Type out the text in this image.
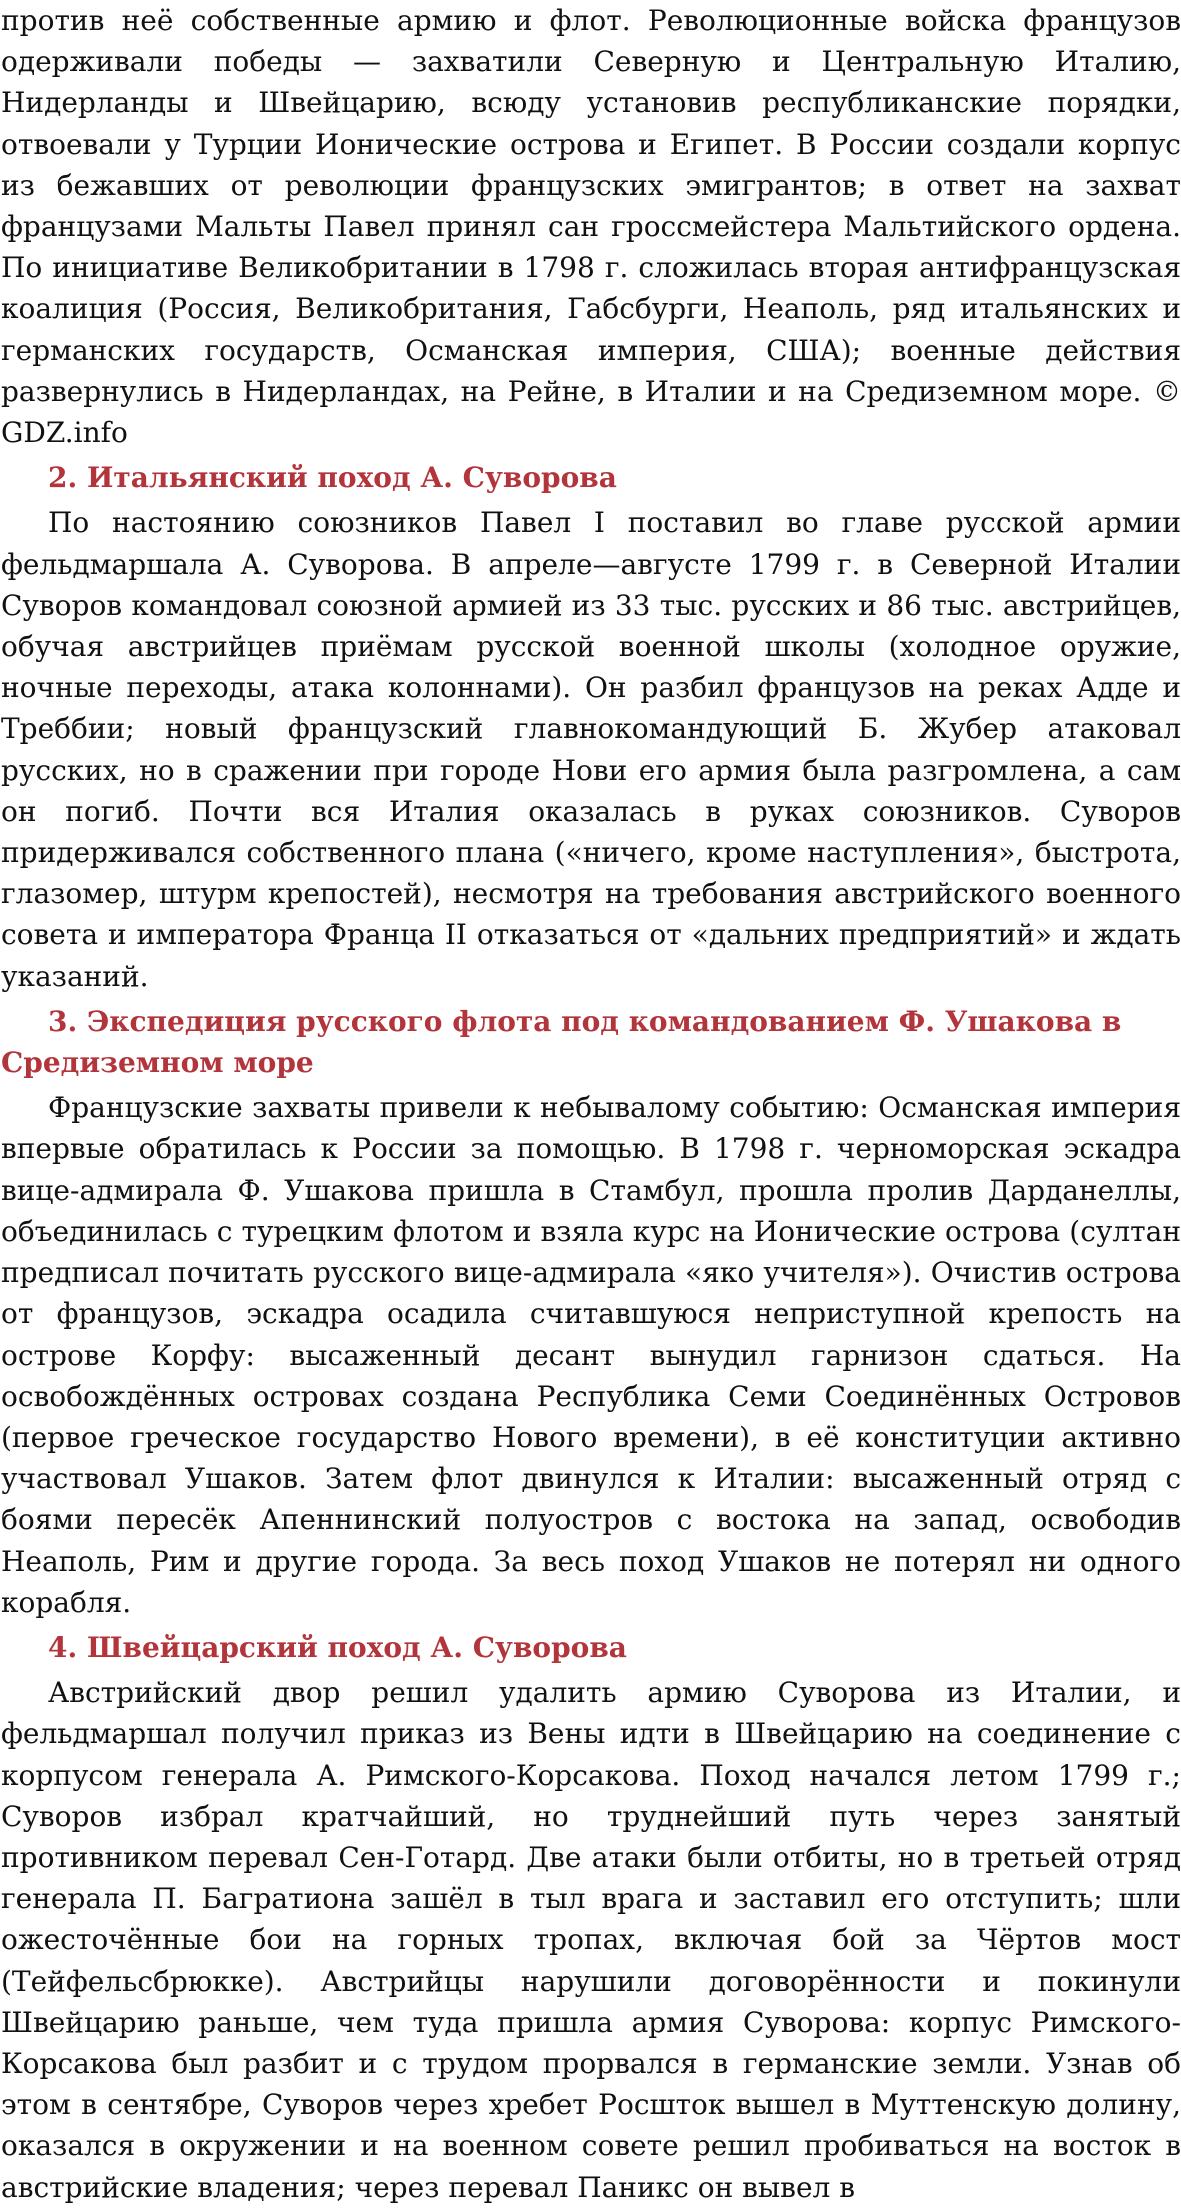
против неё собственные армию и флот. Революционные войска французов одерживали победы — захватили Северную и Центральную Италию, Нидерланды и Швейцарию, всюду установив республиканские порядки, отвоевали у Турции Ионические острова и Египет. В России создали корпус из бежавших от революции французских эмигрантов; в ответ на захват французами Мальты Павел принял сан гроссмейстера Мальтийского ордена. По инициативе Великобритании в 1798 г. сложилась вторая антифранцузская коалиция (Россия, Великобритания, Габсбурги, Неаполь, ряд итальянских и германских государств, Османская империя, США); военные действия развернулись в Нидерландах, на Рейне, в Италии и на Средиземном море. © GDZ.info

2. Итальянский поход А. Суворова

По настоянию союзников Павел I поставил во главе русской армии фельдмаршала А. Суворова. В апреле—августе 1799 г. в Северной Италии Суворов командовал союзной армией из 33 тыс. русских и 86 тыс. австрийцев, обучая австрийцев приёмам русской военной школы (холодное оружие, ночные переходы, атака колоннами). Он разбил французов на реках Адде и Треббии; новый французский главнокомандующий Б. Жубер атаковал русских, но в сражении при городе Нови его армия была разгромлена, а сам он погиб. Почти вся Италия оказалась в руках союзников. Суворов придерживался собственного плана («ничего, кроме наступления», быстрота, глазомер, штурм крепостей), несмотря на требования австрийского военного совета и императора Франца II отказаться от «дальних предприятий» и ждать указаний.

3. Экспедиция русского флота под командованием Ф. Ушакова в Средиземном море

Французские захваты привели к небывалому событию: Османская империя впервые обратилась к России за помощью. В 1798 г. черноморская эскадра вице-адмирала Ф. Ушакова пришла в Стамбул, прошла пролив Дарданеллы, объединилась с турецким флотом и взяла курс на Ионические острова (султан предписал почитать русского вице-адмирала «яко учителя»). Очистив острова от французов, эскадра осадила считавшуюся неприступной крепость на острове Корфу: высаженный десант вынудил гарнизон сдаться. На освобождённых островах создана Республика Семи Соединённых Островов (первое греческое государство Нового времени), в её конституции активно участвовал Ушаков. Затем флот двинулся к Италии: высаженный отряд с боями пересёк Апеннинский полуостров с востока на запад, освободив Неаполь, Рим и другие города. За весь поход Ушаков не потерял ни одного корабля.

4. Швейцарский поход А. Суворова

Австрийский двор решил удалить армию Суворова из Италии, и фельдмаршал получил приказ из Вены идти в Швейцарию на соединение с корпусом генерала А. Римского-Корсакова. Поход начался летом 1799 г.; Суворов избрал кратчайший, но труднейший путь через занятый противником перевал Сен-Готард. Две атаки были отбиты, но в третьей отряд генерала П. Багратиона зашёл в тыл врага и заставил его отступить; шли ожесточённые бои на горных тропах, включая бой за Чёртов мост (Тейфельсбрюкке). Австрийцы нарушили договорённости и покинули Швейцарию раньше, чем туда пришла армия Суворова: корпус Римского-Корсакова был разбит и с трудом прорвался в германские земли. Узнав об этом в сентябре, Суворов через хребет Росшток вышел в Муттенскую долину, оказался в окружении и на военном совете решил пробиваться на восток в австрийские владения; через перевал Паникс он вывел в
